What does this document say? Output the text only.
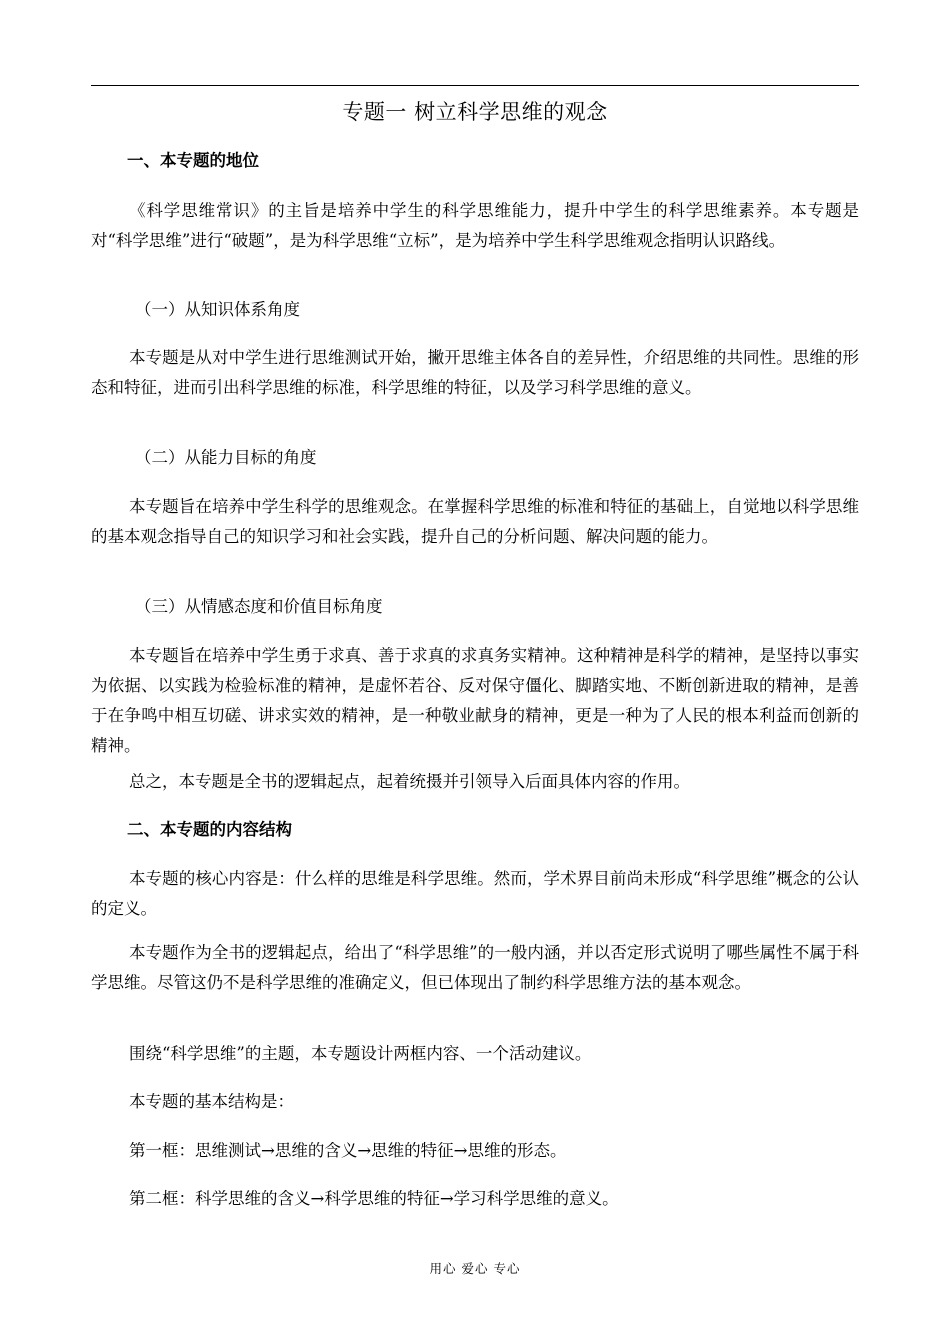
专题一 树立科学思维的观念

一、本专题的地位

《科学思维常识》的主旨是培养中学生的科学思维能力，提升中学生的科学思维素养。本专题是对“科学思维”进行“破题”，是为科学思维“立标”，是为培养中学生科学思维观念指明认识路线。

（一）从知识体系角度

本专题是从对中学生进行思维测试开始，撇开思维主体各自的差异性，介绍思维的共同性。思维的形态和特征，进而引出科学思维的标准，科学思维的特征，以及学习科学思维的意义。

（二）从能力目标的角度

本专题旨在培养中学生科学的思维观念。在掌握科学思维的标准和特征的基础上，自觉地以科学思维的基本观念指导自己的知识学习和社会实践，提升自己的分析问题、解决问题的能力。

（三）从情感态度和价值目标角度

本专题旨在培养中学生勇于求真、善于求真的求真务实精神。这种精神是科学的精神，是坚持以事实为依据、以实践为检验标准的精神，是虚怀若谷、反对保守僵化、脚踏实地、不断创新进取的精神，是善于在争鸣中相互切磋、讲求实效的精神，是一种敬业献身的精神，更是一种为了人民的根本利益而创新的精神。

总之，本专题是全书的逻辑起点，起着统摄并引领导入后面具体内容的作用。

二、本专题的内容结构

本专题的核心内容是：什么样的思维是科学思维。然而，学术界目前尚未形成“科学思维”概念的公认的定义。

本专题作为全书的逻辑起点，给出了“科学思维”的一般内涵，并以否定形式说明了哪些属性不属于科学思维。尽管这仍不是科学思维的准确定义，但已体现出了制约科学思维方法的基本观念。

围绕“科学思维”的主题，本专题设计两框内容、一个活动建议。

本专题的基本结构是：

第一框：思维测试→思维的含义→思维的特征→思维的形态。

第二框：科学思维的含义→科学思维的特征→学习科学思维的意义。

用心 爱心 专心
